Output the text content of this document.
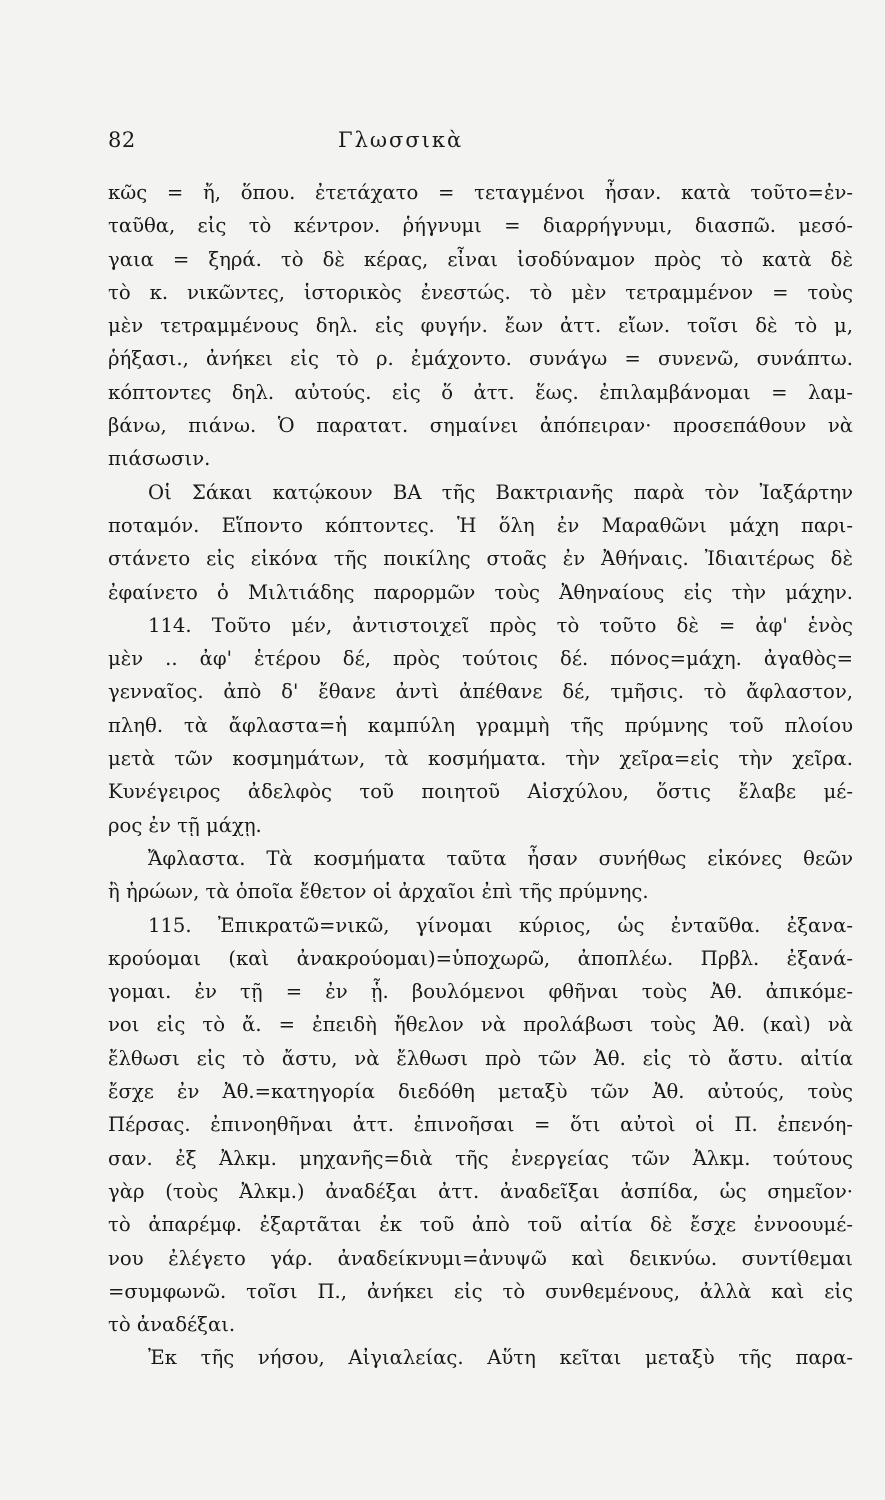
82	Γλωσσικὰ
κῶς = ἤ, ὅπου. ἐτετάχατο = τεταγμένοι ἦσαν. κατὰ τοῦτο=ἐν-
ταῦθα, εἰς τὸ κέντρον. ῥήγνυμι = διαρρήγνυμι, διασπῶ. μεσό-
γαια = ξηρά. τὸ δὲ κέρας, εἶναι ἰσοδύναμον πρὸς τὸ κατὰ δὲ
τὸ κ. νικῶντες, ἱστορικὸς ἐνεστώς. τὸ μὲν τετραμμένον = τοὺς
μὲν τετραμμένους δηλ. εἰς φυγήν. ἔων ἀττ. εἴων. τοῖσι δὲ τὸ μ,
ῥήξασι., ἀνήκει εἰς τὸ ρ. ἐμάχοντο. συνάγω = συνενῶ, συνάπτω.
κόπτοντες δηλ. αὐτούς. εἰς ὅ ἀττ. ἕως. ἐπιλαμβάνομαι = λαμ-
βάνω, πιάνω. Ὁ παρατατ. σημαίνει ἀπόπειραν· προσεπάθουν νὰ
πιάσωσιν.
Οἱ Σάκαι κατῴκουν ΒΑ τῆς Βακτριανῆς παρὰ τὸν Ἰαξάρτην
ποταμόν. Εἵποντο κόπτοντες. Ἡ ὅλη ἐν Μαραθῶνι μάχη παρι-
στάνετο εἰς εἰκόνα τῆς ποικίλης στοᾶς ἐν Ἀθήναις. Ἰδιαιτέρως δὲ
ἐφαίνετο ὁ Μιλτιάδης παρορμῶν τοὺς Ἀθηναίους εἰς τὴν μάχην.
114. Τοῦτο μέν, ἀντιστοιχεῖ πρὸς τὸ τοῦτο δὲ = ἀφ' ἑνὸς
μὲν .. ἀφ' ἑτέρου δέ, πρὸς τούτοις δέ. πόνος=μάχη. ἀγαθὸς=
γενναῖος. ἀπὸ δ' ἔθανε ἀντὶ ἀπέθανε δέ, τμῆσις. τὸ ἄφλαστον,
πληθ. τὰ ἄφλαστα=ἡ καμπύλη γραμμὴ τῆς πρύμνης τοῦ πλοίου
μετὰ τῶν κοσμημάτων, τὰ κοσμήματα. τὴν χεῖρα=εἰς τὴν χεῖρα.
Κυνέγειρος ἀδελφὸς τοῦ ποιητοῦ Αἰσχύλου, ὅστις ἔλαβε μέ-
ρος ἐν τῇ μάχῃ.
Ἄφλαστα. Τὰ κοσμήματα ταῦτα ἦσαν συνήθως εἰκόνες θεῶν
ἢ ἡρώων, τὰ ὁποῖα ἔθετον οἱ ἀρχαῖοι ἐπὶ τῆς πρύμνης.
115. Ἐπικρατῶ=νικῶ, γίνομαι κύριος, ὡς ἐνταῦθα. ἐξανα-
κρούομαι (καὶ ἀνακρούομαι)=ὑποχωρῶ, ἀποπλέω. Πρβλ. ἐξανά-
γομαι. ἐν τῇ = ἐν ᾗ. βουλόμενοι φθῆναι τοὺς Ἀθ. ἀπικόμε-
νοι εἰς τὸ ἄ. = ἐπειδὴ ἤθελον νὰ προλάβωσι τοὺς Ἀθ. (καὶ) νὰ
ἔλθωσι εἰς τὸ ἄστυ, νὰ ἔλθωσι πρὸ τῶν Ἀθ. εἰς τὸ ἄστυ. αἰτία
ἔσχε ἐν Ἀθ.=κατηγορία διεδόθη μεταξὺ τῶν Ἀθ. αὐτούς, τοὺς
Πέρσας. ἐπινοηθῆναι ἀττ. ἐπινοῆσαι = ὅτι αὐτοὶ οἱ Π. ἐπενόη-
σαν. ἐξ Ἀλκμ. μηχανῆς=διὰ τῆς ἐνεργείας τῶν Ἀλκμ. τούτους
γὰρ (τοὺς Ἀλκμ.) ἀναδέξαι ἀττ. ἀναδεῖξαι ἀσπίδα, ὡς σημεῖον·
τὸ ἀπαρέμφ. ἐξαρτᾶται ἐκ τοῦ ἀπὸ τοῦ αἰτία δὲ ἔσχε ἐννοουμέ-
νου ἐλέγετο γάρ. ἀναδείκνυμι=ἀνυψῶ καὶ δεικνύω. συντίθεμαι
=συμφωνῶ. τοῖσι Π., ἀνήκει εἰς τὸ συνθεμένους, ἀλλὰ καὶ εἰς
τὸ ἀναδέξαι.
Ἐκ τῆς νήσου, Αἰγιαλείας. Αὕτη κεῖται μεταξὺ τῆς παρα-
